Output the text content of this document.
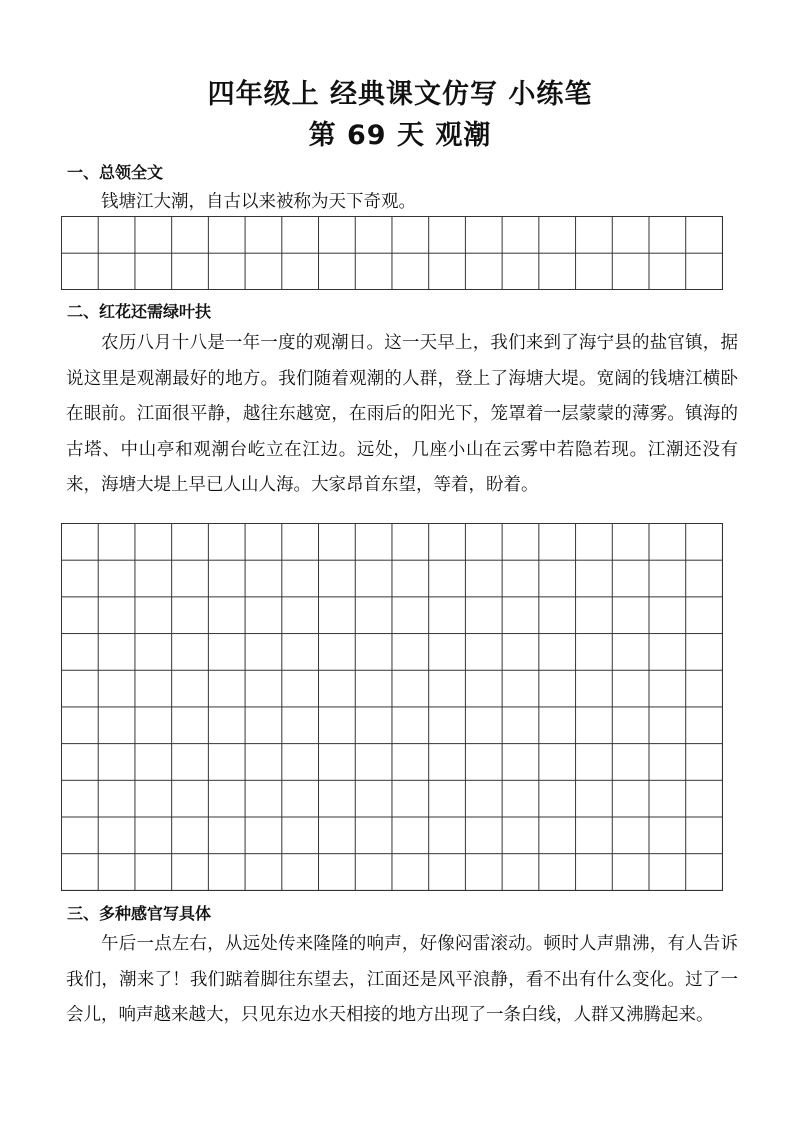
四年级上 经典课文仿写 小练笔
第 69 天 观潮
一、总领全文

钱塘江大潮，自古以来被称为天下奇观。

二、红花还需绿叶扶

农历八月十八是一年一度的观潮日。这一天早上，我们来到了海宁县的盐官镇，据说这里是观潮最好的地方。我们随着观潮的人群，登上了海塘大堤。宽阔的钱塘江横卧在眼前。江面很平静，越往东越宽，在雨后的阳光下，笼罩着一层蒙蒙的薄雾。镇海的古塔、中山亭和观潮台屹立在江边。远处，几座小山在云雾中若隐若现。江潮还没有来，海塘大堤上早已人山人海。大家昂首东望，等着，盼着。

三、多种感官写具体

午后一点左右，从远处传来隆隆的响声，好像闷雷滚动。顿时人声鼎沸，有人告诉我们，潮来了！我们踮着脚往东望去，江面还是风平浪静，看不出有什么变化。过了一会儿，响声越来越大，只见东边水天相接的地方出现了一条白线，人群又沸腾起来。
